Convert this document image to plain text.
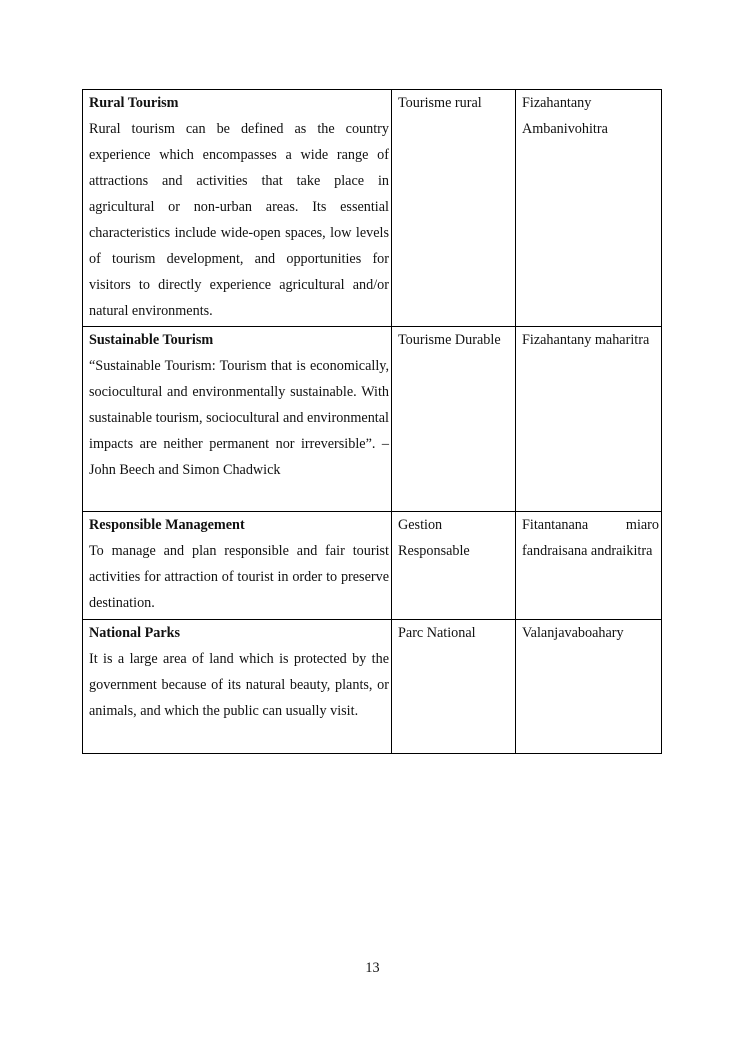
Rural Tourism
Rural tourism can be defined as the country experience which encompasses a wide range of attractions and activities that take place in agricultural or non-urban areas. Its essential characteristics include wide-open spaces, low levels of tourism development, and opportunities for visitors to directly experience agricultural and/or natural environments.	Tourisme rural	Fizahantany Ambanivohitra

Sustainable Tourism
“Sustainable Tourism: Tourism that is economically, sociocultural and environmentally sustainable. With sustainable tourism, sociocultural and environmental impacts are neither permanent nor irreversible”. – John Beech and Simon Chadwick	Tourisme Durable	Fizahantany maharitra

Responsible Management
To manage and plan responsible and fair tourist activities for attraction of tourist in order to preserve destination.	Gestion Responsable	Fitantanana miaro fandraisana andraikitra

National Parks
It is a large area of land which is protected by the government because of its natural beauty, plants, or animals, and which the public can usually visit.	Parc National	Valanjavaboahary
13
